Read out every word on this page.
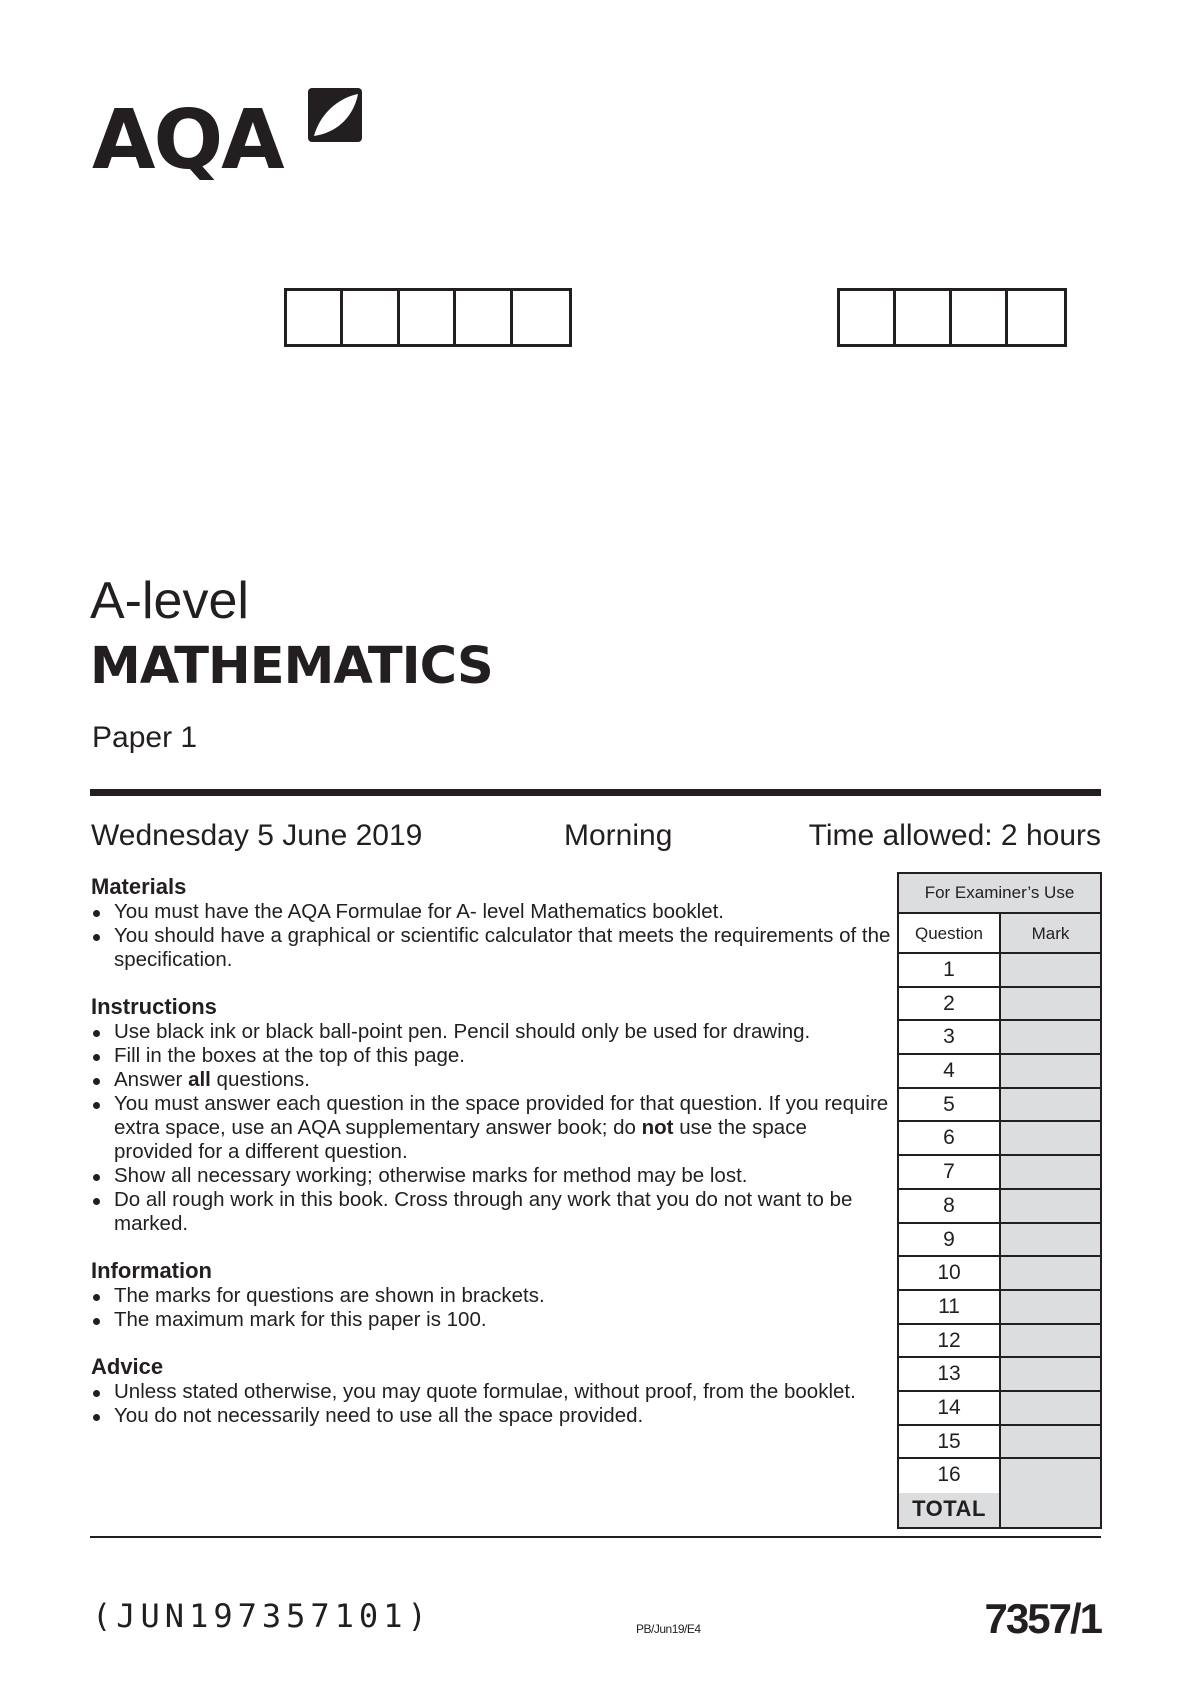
AQA
A-level
MATHEMATICS
Paper 1
Wednesday 5 June 2019	Morning	Time allowed: 2 hours
Materials
You must have the AQA Formulae for A- level Mathematics booklet.
You should have a graphical or scientific calculator that meets the requirements of the specification.
Instructions
Use black ink or black ball-point pen. Pencil should only be used for drawing.
Fill in the boxes at the top of this page.
Answer all questions.
You must answer each question in the space provided for that question. If you require extra space, use an AQA supplementary answer book; do not use the space provided for a different question.
Show all necessary working; otherwise marks for method may be lost.
Do all rough work in this book. Cross through any work that you do not want to be marked.
Information
The marks for questions are shown in brackets.
The maximum mark for this paper is 100.
Advice
Unless stated otherwise, you may quote formulae, without proof, from the booklet.
You do not necessarily need to use all the space provided.
For Examiner’s Use
Question	Mark
1
2
3
4
5
6
7
8
9
10
11
12
13
14
15
16
TOTAL
(JUN197357101)	PB/Jun19/E4	7357/1
